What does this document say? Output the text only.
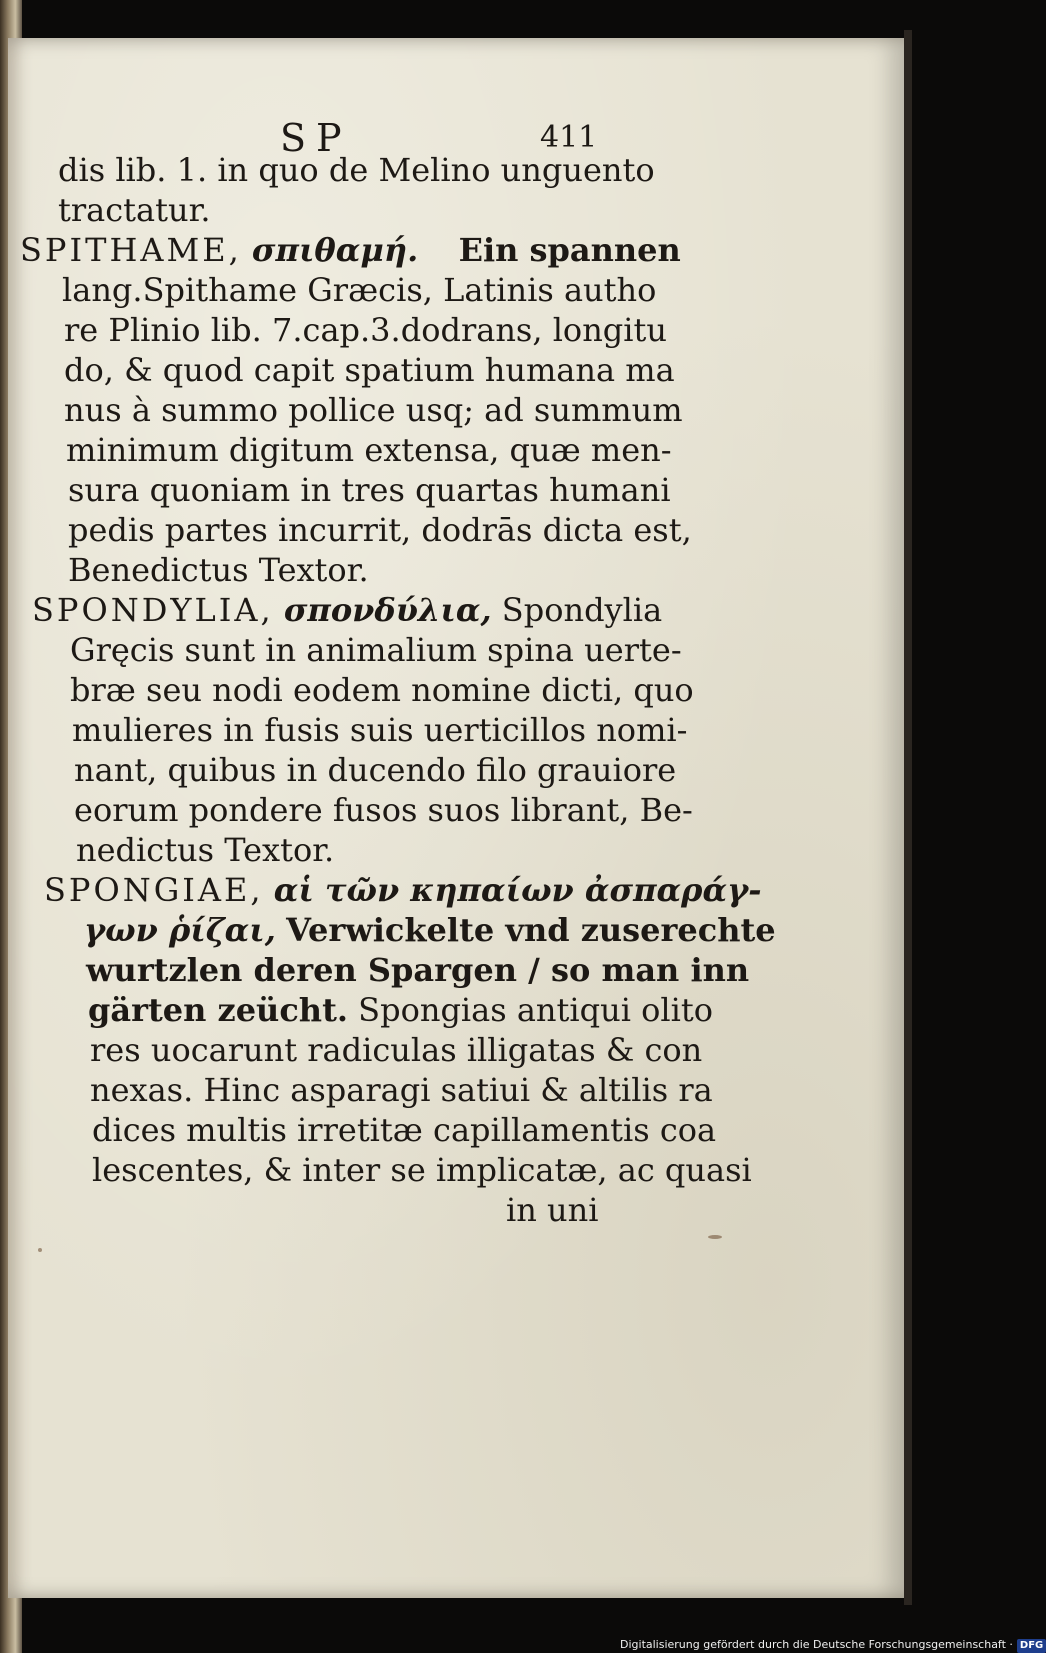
SP	411
dis lib. 1. in quo de Melino unguento
tractatur.
SPITHAME, σπιθαμή. Ein spannen
lang.Spithame Græcis, Latinis autho
re Plinio lib. 7.cap.3.dodrans, longitu
do, & quod capit spatium humana ma
nus à summo pollice usq; ad summum
minimum digitum extensa, quæ men-
sura quoniam in tres quartas humani
pedis partes incurrit, dodrās dicta est,
Benedictus Textor.
SPONDYLIA, σπονδύλια, Spondylia
Gręcis sunt in animalium spina uerte-
bræ seu nodi eodem nomine dicti, quo
mulieres in fusis suis uerticillos nomi-
nant, quibus in ducendo filo grauiore
eorum pondere fusos suos librant, Be-
nedictus Textor.
SPONGIAE, αἱ τῶν κηπαίων ἀσπαράγ-
γων ῥίζαι, Verwickelte vnd zuserechte
wurtzlen deren Spargen / so man inn
gärten zeücht. Spongias antiqui olito
res uocarunt radiculas illigatas & con
nexas. Hinc asparagi satiui & altilis ra
dices multis irretitæ capillamentis coa
lescentes, & inter se implicatæ, ac quasi
in uni
Digitalisierung gefördert durch die Deutsche Forschungsgemeinschaft · DFG
